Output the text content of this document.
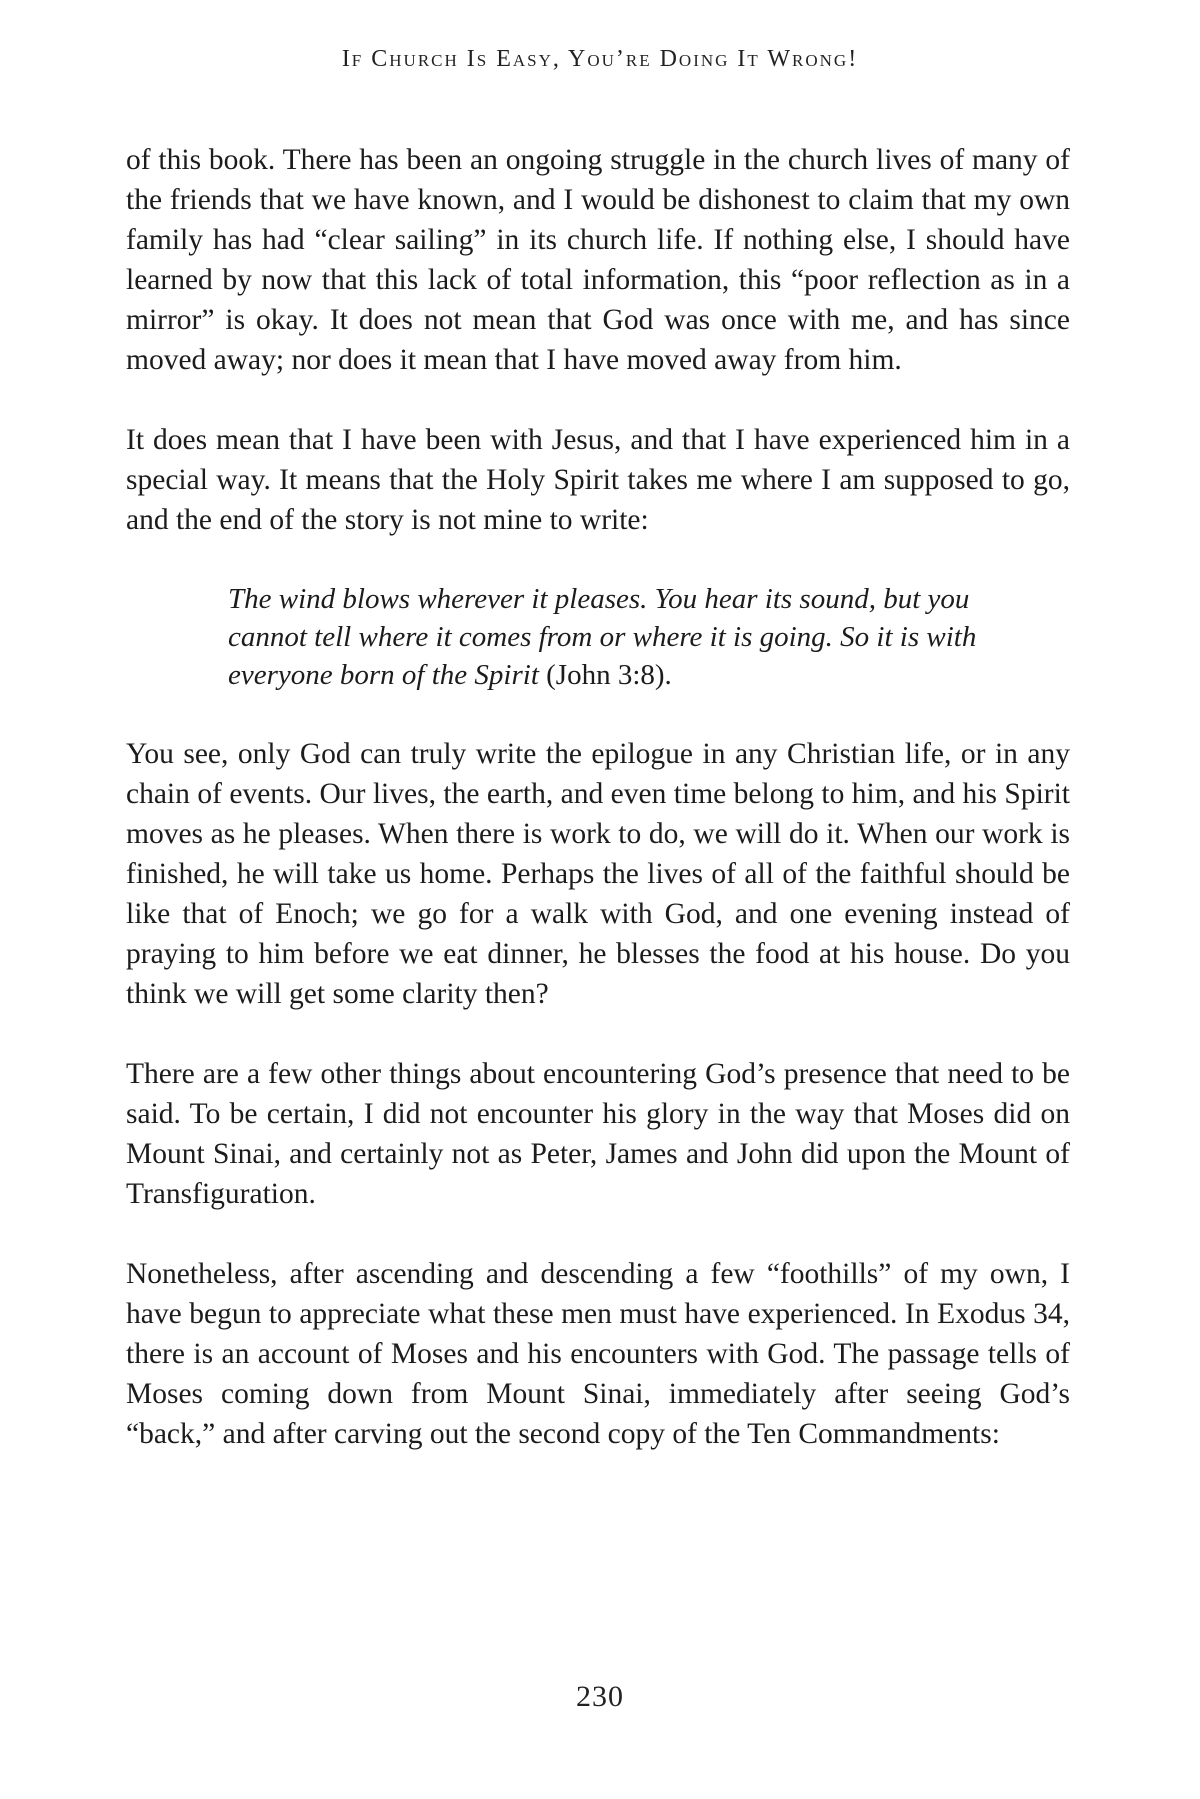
If Church Is Easy, You’re Doing It Wrong!

of this book. There has been an ongoing struggle in the church lives of many of the friends that we have known, and I would be dishonest to claim that my own family has had “clear sailing” in its church life. If nothing else, I should have learned by now that this lack of total information, this “poor reflection as in a mirror” is okay. It does not mean that God was once with me, and has since moved away; nor does it mean that I have moved away from him.

It does mean that I have been with Jesus, and that I have experienced him in a special way. It means that the Holy Spirit takes me where I am supposed to go, and the end of the story is not mine to write:

The wind blows wherever it pleases. You hear its sound, but you cannot tell where it comes from or where it is going. So it is with everyone born of the Spirit (John 3:8).

You see, only God can truly write the epilogue in any Christian life, or in any chain of events. Our lives, the earth, and even time belong to him, and his Spirit moves as he pleases. When there is work to do, we will do it. When our work is finished, he will take us home. Perhaps the lives of all of the faithful should be like that of Enoch; we go for a walk with God, and one evening instead of praying to him before we eat dinner, he blesses the food at his house. Do you think we will get some clarity then?

There are a few other things about encountering God’s presence that need to be said. To be certain, I did not encounter his glory in the way that Moses did on Mount Sinai, and certainly not as Peter, James and John did upon the Mount of Transfiguration.

Nonetheless, after ascending and descending a few “foothills” of my own, I have begun to appreciate what these men must have experienced. In Exodus 34, there is an account of Moses and his encounters with God. The passage tells of Moses coming down from Mount Sinai, immediately after seeing God’s “back,” and after carving out the second copy of the Ten Commandments:

230
